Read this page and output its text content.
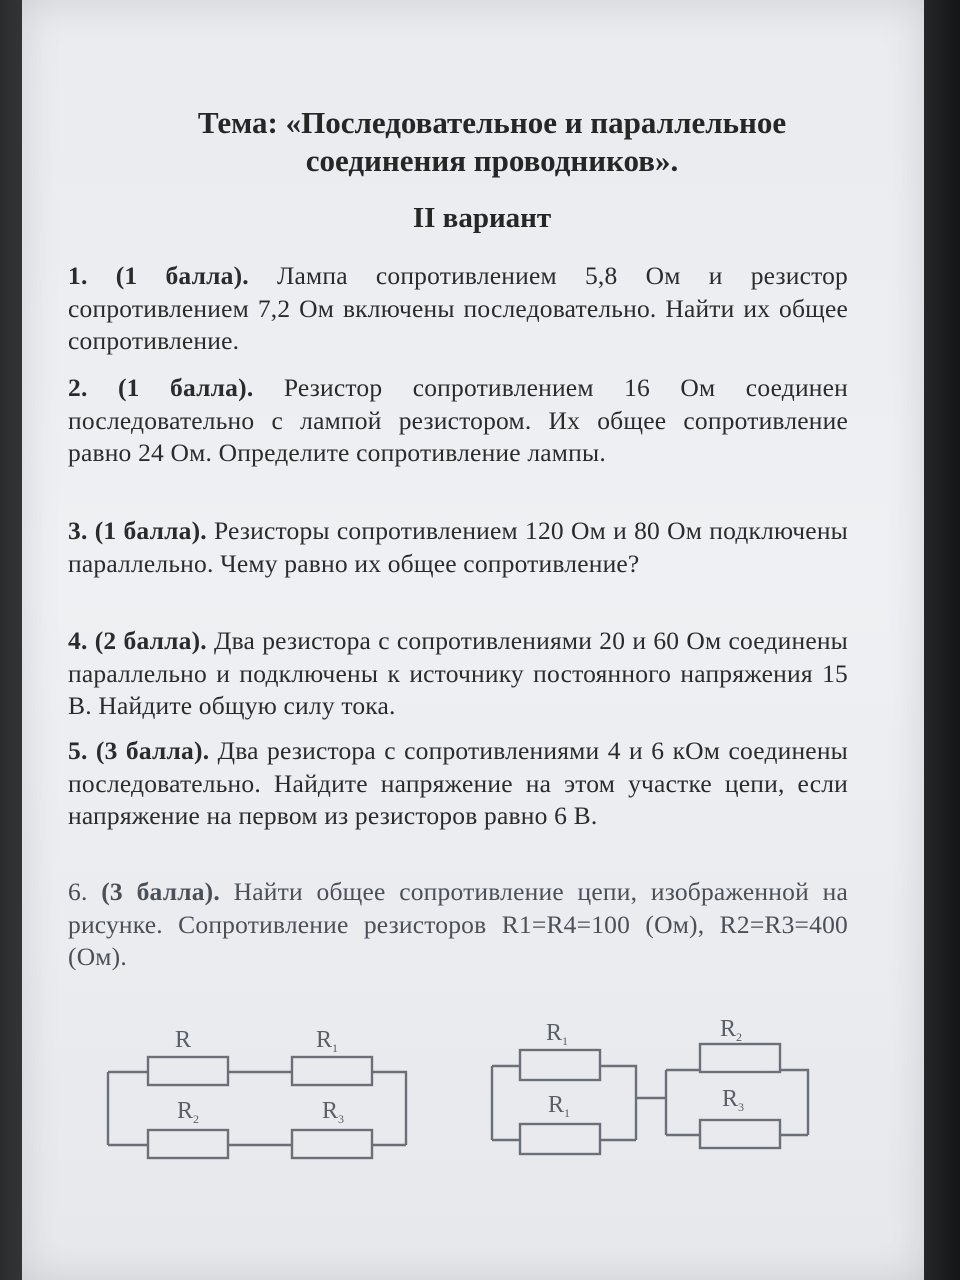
Тема: «Последовательное и параллельное
соединения проводников».
II вариант
1. (1 балла). Лампа сопротивлением 5,8 Ом и резистор сопротивлением 7,2 Ом включены последовательно. Найти их общее сопротивление.
2. (1 балла). Резистор сопротивлением 16 Ом соединен последовательно с лампой резистором. Их общее сопротивление равно 24 Ом. Определите сопротивление лампы.
3. (1 балла). Резисторы сопротивлением 120 Ом и 80 Ом подключены параллельно. Чему равно их общее сопротивление?
4. (2 балла). Два резистора с сопротивлениями 20 и 60 Ом соединены параллельно и подключены к источнику постоянного напряжения 15 В. Найдите общую силу тока.
5. (3 балла). Два резистора с сопротивлениями 4 и 6 кОм соединены последовательно. Найдите напряжение на этом участке цепи, если напряжение на первом из резисторов равно 6 В.
6. (3 балла). Найти общее сопротивление цепи, изображенной на рисунке. Сопротивление резисторов R1=R4=100 (Ом), R2=R3=400 (Ом).
R	$R_1$
$R_2$	$R_3$
$R_1$
$R_1$
$R_2$
$R_3$
